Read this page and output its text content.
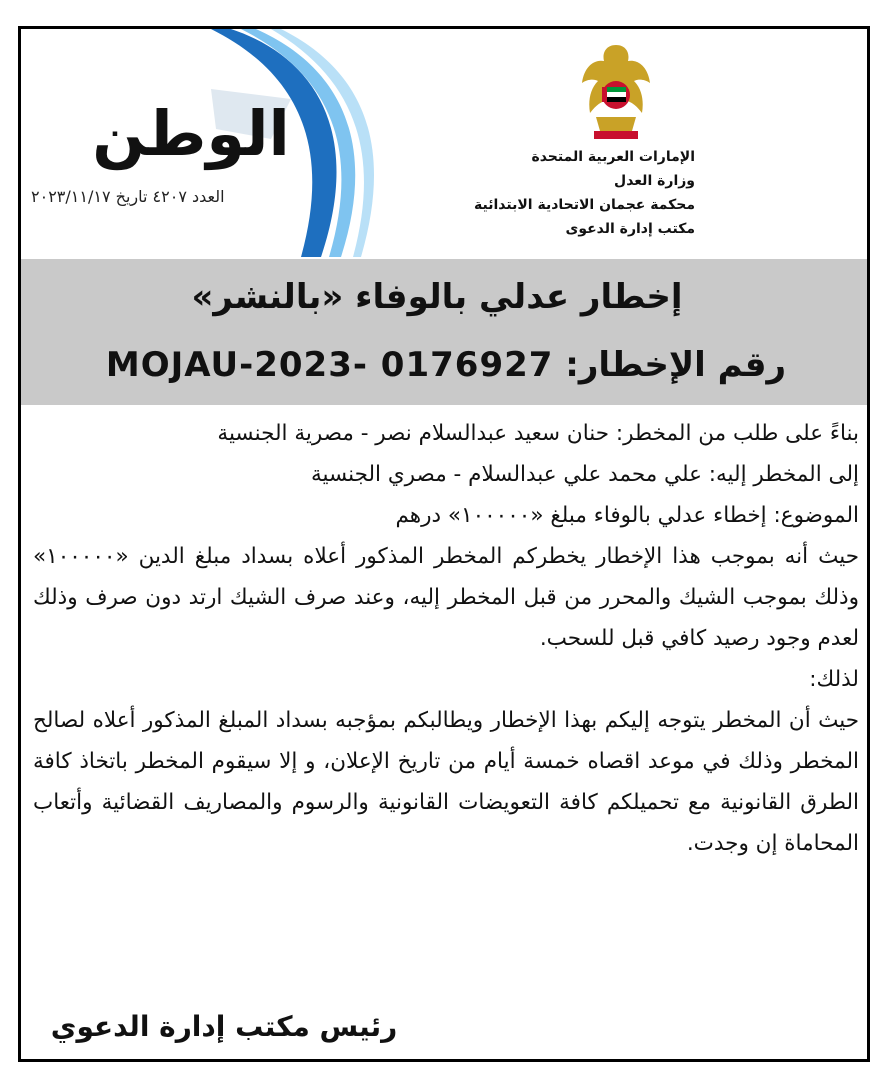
الوطن
العدد ٤٢٠٧ تاريخ ٢٠٢٣/١١/١٧
الإمارات العربية المتحدة
وزارة العدل
محكمة عجمان الاتحادية الابتدائية
مكتب إدارة الدعوى
إخطار عدلي بالوفاء «بالنشر»
MOJAU-2023- 0176927 رقم الإخطار:

بناءً على طلب من المخطر: حنان سعيد عبدالسلام نصر - مصرية الجنسية

إلى المخطر إليه: علي محمد علي عبدالسلام - مصري الجنسية

الموضوع: إخطاء عدلي بالوفاء مبلغ «١٠٠٠٠٠» درهم

حيث أنه بموجب هذا الإخطار يخطركم المخطر المذكور أعلاه بسداد مبلغ الدين «١٠٠٠٠٠» وذلك بموجب الشيك والمحرر من قبل المخطر إليه، وعند صرف الشيك ارتد دون صرف وذلك لعدم وجود رصيد كافي قبل للسحب.

لذلك:

حيث أن المخطر يتوجه إليكم بهذا الإخطار ويطالبكم بمؤجبه بسداد المبلغ المذكور أعلاه لصالح المخطر وذلك في موعد اقصاه خمسة أيام من تاريخ الإعلان، و إلا سيقوم المخطر باتخاذ كافة الطرق القانونية مع تحميلكم كافة التعويضات القانونية والرسوم والمصاريف القضائية وأتعاب المحاماة إن وجدت.

رئيس مكتب إدارة الدعوي
